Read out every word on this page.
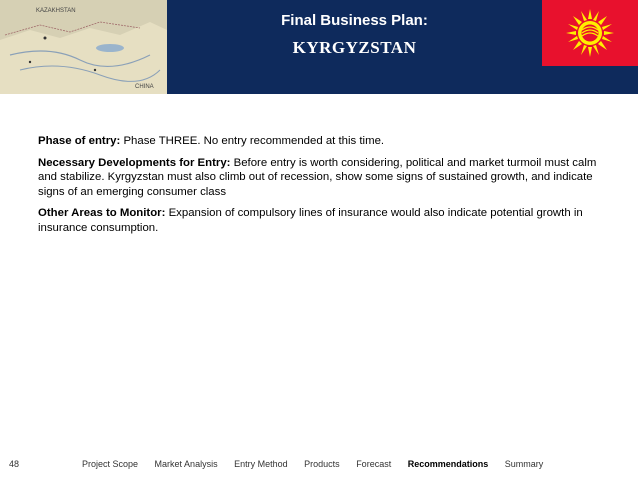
KAZAKHSTAN
CHINA
Final Business Plan:
KYRGYZSTAN

Phase of entry: Phase THREE. No entry recommended at this time.

Necessary Developments for Entry: Before entry is worth considering, political and market turmoil must calm and stabilize. Kyrgyzstan must also climb out of recession, show some signs of sustained growth, and indicate signs of an emerging consumer class

Other Areas to Monitor: Expansion of compulsory lines of insurance would also indicate potential growth in insurance consumption.

48	Project Scope Market Analysis Entry Method Products Forecast Recommendations Summary
